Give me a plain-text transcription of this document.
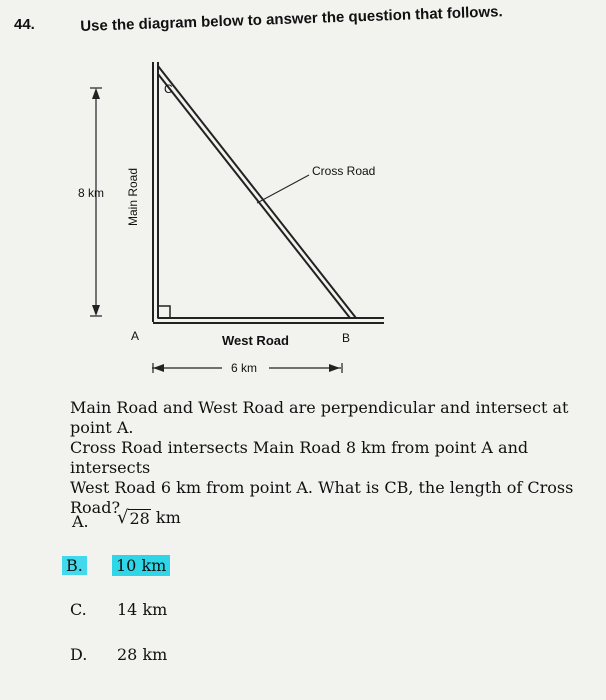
44.	Use the diagram below to answer the question that follows.
C
Main Road	Cross Road
8 km
A	West Road	B
6 km
Main Road and West Road are perpendicular and intersect at point A.
Cross Road intersects Main Road 8 km from point A and intersects
West Road 6 km from point A. What is CB, the length of Cross
Road?
A. √ 28 km
B. 10 km
C. 14 km
D. 28 km
